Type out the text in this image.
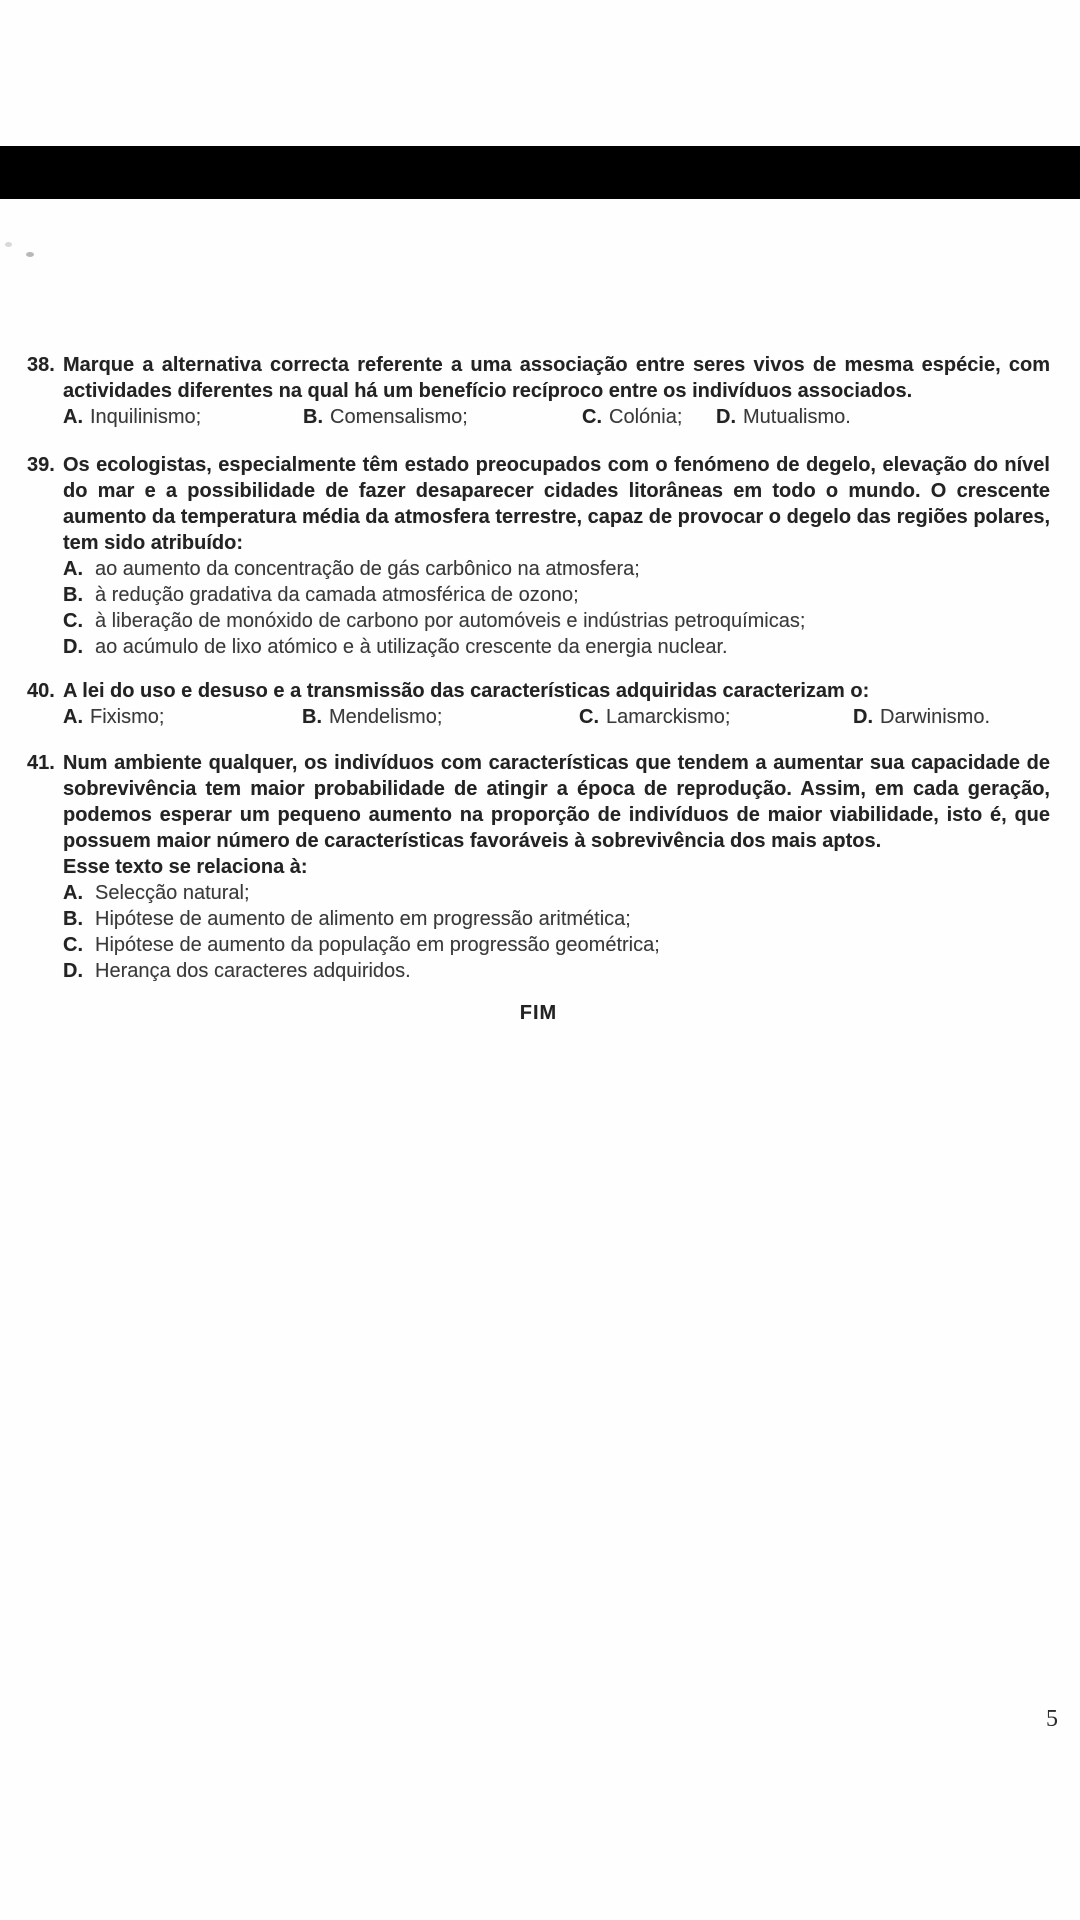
38. Marque a alternativa correcta referente a uma associação entre seres vivos de mesma espécie, com actividades diferentes na qual há um benefício recíproco entre os indivíduos associados.

A. Inquilinismo;	B. Comensalismo;	C. Colónia; D. Mutualismo.
39. Os ecologistas, especialmente têm estado preocupados com o fenómeno de degelo, elevação do nível do mar e a possibilidade de fazer desaparecer cidades litorâneas em todo o mundo. O crescente aumento da temperatura média da atmosfera terrestre, capaz de provocar o degelo das regiões polares, tem sido atribuído:

A. ao aumento da concentração de gás carbônico na atmosfera;
B. à redução gradativa da camada atmosférica de ozono;
C. à liberação de monóxido de carbono por automóveis e indústrias petroquímicas;
D. ao acúmulo de lixo atómico e à utilização crescente da energia nuclear.
40. A lei do uso e desuso e a transmissão das características adquiridas caracterizam o:

A. Fixismo;	B. Mendelismo;	C. Lamarckismo;	D. Darwinismo.
41. Num ambiente qualquer, os indivíduos com características que tendem a aumentar sua capacidade de sobrevivência tem maior probabilidade de atingir a época de reprodução. Assim, em cada geração, podemos esperar um pequeno aumento na proporção de indivíduos de maior viabilidade, isto é, que possuem maior número de características favoráveis à sobrevivência dos mais aptos.

Esse texto se relaciona à:

A. Selecção natural;
B. Hipótese de aumento de alimento em progressão aritmética;
C. Hipótese de aumento da população em progressão geométrica;
D. Herança dos caracteres adquiridos.
FIM
5
